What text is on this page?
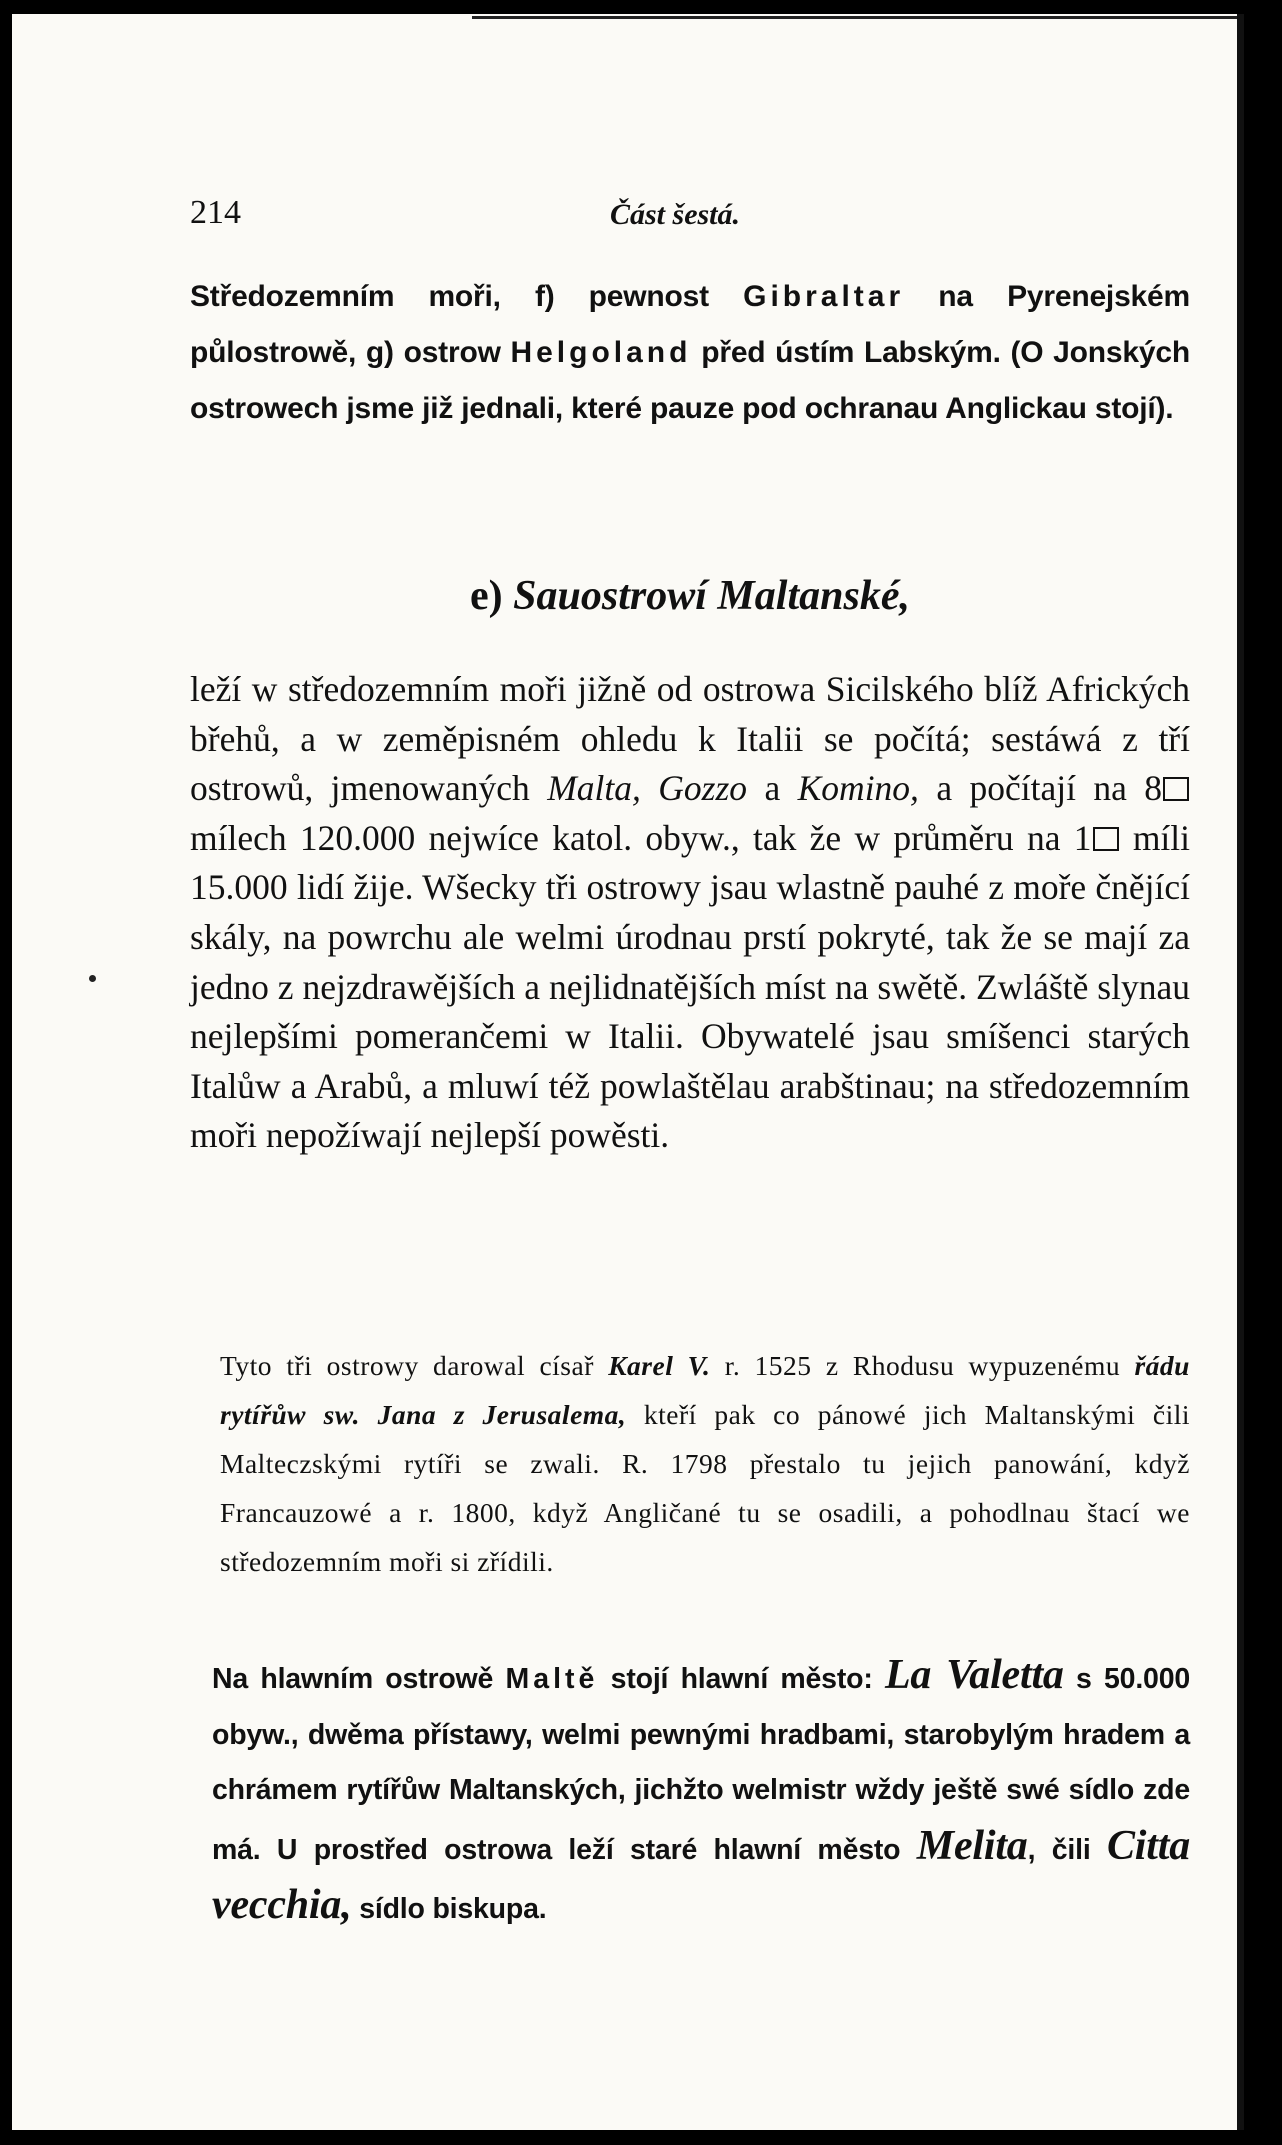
214	Část šestá.

Středozemním moři, f) pewnost Gibraltar na Pyrenejském půlostrowě, g) ostrow Helgoland před ústím Labským. (O Jonských ostrowech jsme již jednali, které pauze pod ochranau Anglickau stojí).

e) Sauostrowí Maltanské,

leží w středozemním moři jižně od ostrowa Sicilského blíž Afrických břehů, a w zeměpisném ohledu k Italii se počítá; sestáwá z tří ostrowů, jmenowaných Malta, Gozzo a Komino, a počítají na 8 mílech 120.000 nejwíce katol. obyw., tak že w průměru na 1 míli 15.000 lidí žije. Wšecky tři ostrowy jsau wlastně pauhé z moře čnějící skály, na powrchu ale welmi úrodnau prstí pokryté, tak že se mají za jedno z nejzdrawějších a nejlidnatějších míst na swětě. Zwláště slynau nejlepšími pomerančemi w Italii. Obywatelé jsau smíšenci starých Italůw a Arabů, a mluwí též powlaštělau arabštinau; na středozemním moři nepožíwají nejlepší powěsti.

Tyto tři ostrowy darowal císař Karel V. r. 1525 z Rhodusu wypuzenému řádu rytířůw sw. Jana z Jerusalema, kteří pak co pánowé jich Maltanskými čili Malteczskými rytíři se zwali. R. 1798 přestalo tu jejich panowání, když Francauzowé a r. 1800, když Angličané tu se osadili, a pohodlnau štací we středozemním moři si zřídili.

Na hlawním ostrowě Maltě stojí hlawní město: La Valetta s 50.000 obyw., dwěma přístawy, welmi pewnými hradbami, starobylým hradem a chrámem rytířůw Maltanských, jichžto welmistr wždy ještě swé sídlo zde má. U prostřed ostrowa leží staré hlawní město Melita, čili Citta vecchia, sídlo biskupa.
